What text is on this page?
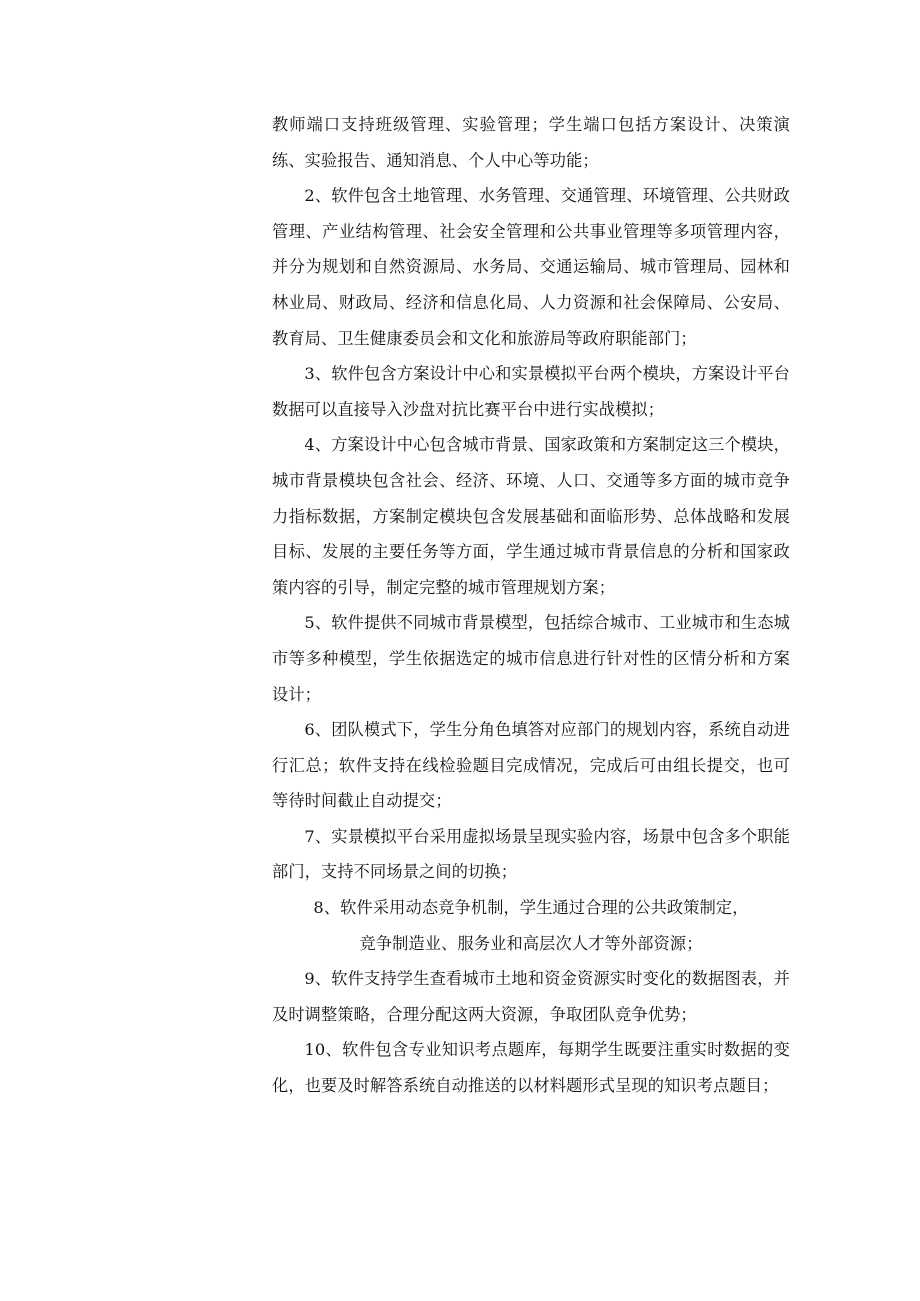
教师端口支持班级管理、实验管理；学生端口包括方案设计、决策演练、实验报告、通知消息、个人中心等功能；

2、软件包含土地管理、水务管理、交通管理、环境管理、公共财政管理、产业结构管理、社会安全管理和公共事业管理等多项管理内容，并分为规划和自然资源局、水务局、交通运输局、城市管理局、园林和林业局、财政局、经济和信息化局、人力资源和社会保障局、公安局、教育局、卫生健康委员会和文化和旅游局等政府职能部门；

3、软件包含方案设计中心和实景模拟平台两个模块，方案设计平台数据可以直接导入沙盘对抗比赛平台中进行实战模拟；

4、方案设计中心包含城市背景、国家政策和方案制定这三个模块，城市背景模块包含社会、经济、环境、人口、交通等多方面的城市竞争力指标数据，方案制定模块包含发展基础和面临形势、总体战略和发展目标、发展的主要任务等方面，学生通过城市背景信息的分析和国家政策内容的引导，制定完整的城市管理规划方案；

5、软件提供不同城市背景模型，包括综合城市、工业城市和生态城市等多种模型，学生依据选定的城市信息进行针对性的区情分析和方案设计；

6、团队模式下，学生分角色填答对应部门的规划内容，系统自动进行汇总；软件支持在线检验题目完成情况，完成后可由组长提交，也可等待时间截止自动提交；

7、实景模拟平台采用虚拟场景呈现实验内容，场景中包含多个职能部门，支持不同场景之间的切换；

8、软件采用动态竞争机制，学生通过合理的公共政策制定，

竞争制造业、服务业和高层次人才等外部资源；

9、软件支持学生查看城市土地和资金资源实时变化的数据图表，并及时调整策略，合理分配这两大资源，争取团队竞争优势；

10、软件包含专业知识考点题库，每期学生既要注重实时数据的变化，也要及时解答系统自动推送的以材料题形式呈现的知识考点题目；
